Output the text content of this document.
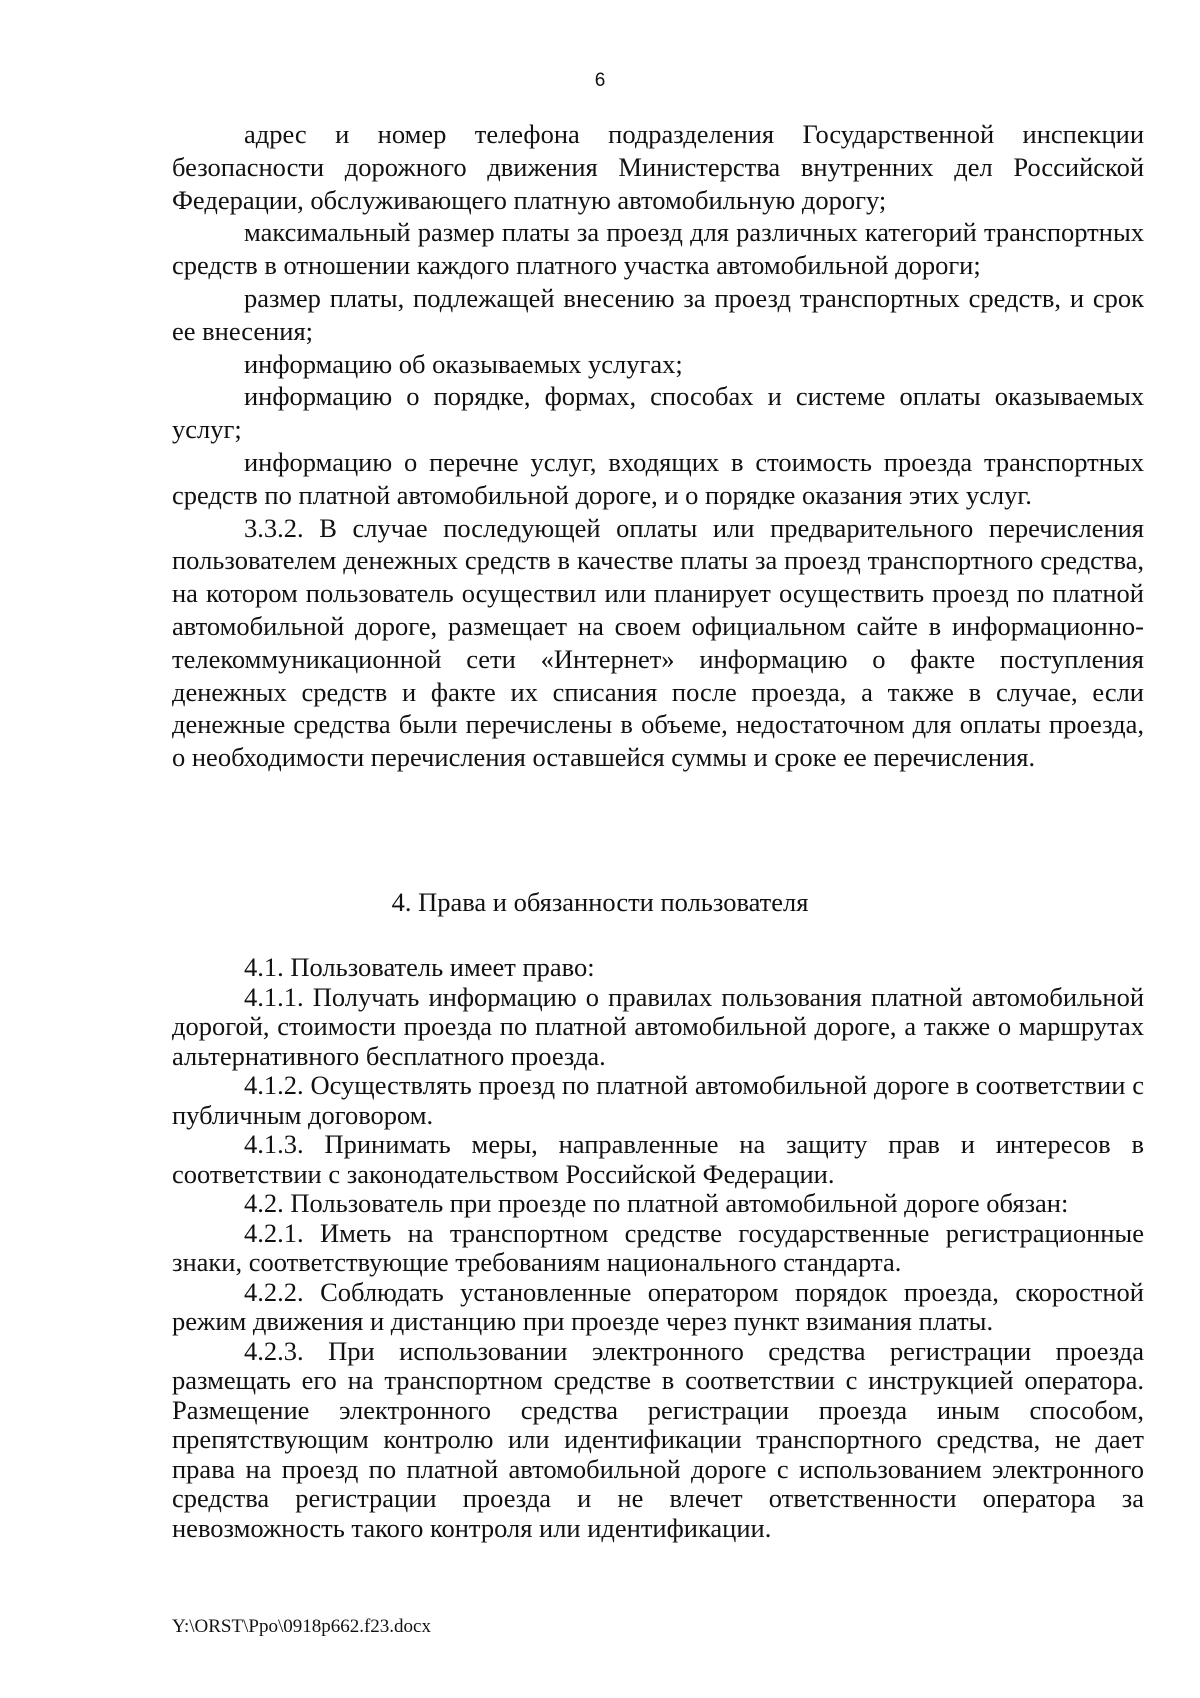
6

адрес и номер телефона подразделения Государственной инспекции безопасности дорожного движения Министерства внутренних дел Российской Федерации, обслуживающего платную автомобильную дорогу;

максимальный размер платы за проезд для различных категорий транспортных средств в отношении каждого платного участка автомобильной дороги;

размер платы, подлежащей внесению за проезд транспортных средств, и срок ее внесения;

информацию об оказываемых услугах;

информацию о порядке, формах, способах и системе оплаты оказываемых услуг;

информацию о перечне услуг, входящих в стоимость проезда транспортных средств по платной автомобильной дороге, и о порядке оказания этих услуг.

3.3.2. В случае последующей оплаты или предварительного перечисления пользователем денежных средств в качестве платы за проезд транспортного средства, на котором пользователь осуществил или планирует осуществить проезд по платной автомобильной дороге, размещает на своем официальном сайте в информационно-телекоммуникационной сети «Интернет» информацию о факте поступления денежных средств и факте их списания после проезда, а также в случае, если денежные средства были перечислены в объеме, недостаточном для оплаты проезда, о необходимости перечисления оставшейся суммы и сроке ее перечисления.

4. Права и обязанности пользователя

4.1. Пользователь имеет право:

4.1.1. Получать информацию о правилах пользования платной автомобильной дорогой, стоимости проезда по платной автомобильной дороге, а также о маршрутах альтернативного бесплатного проезда.

4.1.2. Осуществлять проезд по платной автомобильной дороге в соответствии с публичным договором.

4.1.3. Принимать меры, направленные на защиту прав и интересов в соответствии с законодательством Российской Федерации.

4.2. Пользователь при проезде по платной автомобильной дороге обязан:

4.2.1. Иметь на транспортном средстве государственные регистрационные знаки, соответствующие требованиям национального стандарта.

4.2.2. Соблюдать установленные оператором порядок проезда, скоростной режим движения и дистанцию при проезде через пункт взимания платы.

4.2.3. При использовании электронного средства регистрации проезда размещать его на транспортном средстве в соответствии с инструкцией оператора. Размещение электронного средства регистрации проезда иным способом, препятствующим контролю или идентификации транспортного средства, не дает права на проезд по платной автомобильной дороге с использованием электронного средства регистрации проезда и не влечет ответственности оператора за невозможность такого контроля или идентификации.

Y:\ORST\Ppo\0918p662.f23.docx
